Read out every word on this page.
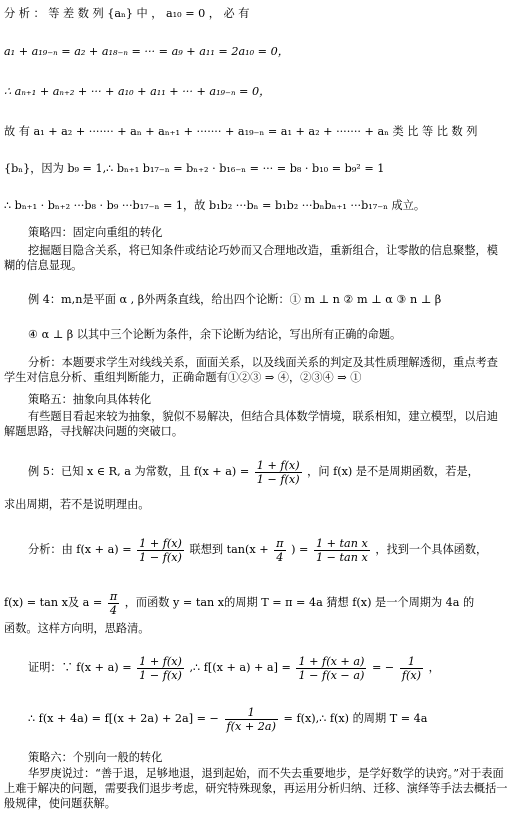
分 析 ： 等 差 数 列 {aₙ} 中 ， a₁₀ = 0 ， 必 有
a₁ + a₁₉₋ₙ = a₂ + a₁₈₋ₙ = ··· = a₉ + a₁₁ = 2a₁₀ = 0，
∴ aₙ₊₁ + aₙ₊₂ + ··· + a₁₀ + a₁₁ + ··· + a₁₉₋ₙ = 0，
故 有 a₁ + a₂ + ······· + aₙ + aₙ₊₁ + ······· + a₁₉₋ₙ = a₁ + a₂ + ······· + aₙ 类 比 等 比 数 列
{bₙ}，因为 b₉ = 1,∴ bₙ₊₁ b₁₇₋ₙ = bₙ₊₂ · b₁₆₋ₙ = ··· = b₈ · b₁₀ = b₉² = 1
∴ bₙ₊₁ · bₙ₊₂ ···b₈ · b₉ ···b₁₇₋ₙ = 1，故 b₁b₂ ···bₙ = b₁b₂ ···bₙbₙ₊₁ ···b₁₇₋ₙ 成立。
策略四：固定向重组的转化
挖掘题目隐含关系，将已知条件或结论巧妙而又合理地改造，重新组合，让零散的信息聚整，模糊的信息显现。
例 4：m,n是平面 α , β外两条直线，给出四个论断：① m ⊥ n ② m ⊥ α ③ n ⊥ β
④ α ⊥ β 以其中三个论断为条件，余下论断为结论，写出所有正确的命题。
分析：本题要求学生对线线关系，面面关系，以及线面关系的判定及其性质理解透彻，重点考查学生对信息分析、重组判断能力，正确命题有①②③ ⇒ ④，②③④ ⇒ ①
策略五：抽象向具体转化
有些题目看起来较为抽象，貌似不易解决，但结合具体数学情境，联系相知，建立模型，以启迪解题思路，寻找解决问题的突破口。
例 5：已知 x ∈ R, a 为常数，且 $f(x + a) = \frac{1 + f(x)}{1 - f(x)}$ ，问 f(x) 是不是周期函数，若是，
求出周期，若不是说明理由。
分析：由 $f(x + a) = \frac{1 + f(x)}{1 - f(x)}$ 联想到 $\tan(x + \frac{\pi}{4}$ ) = $\frac{\text{1 + tan x}}{\text{1 − tan x}}$ ，找到一个具体函数，
f(x) = tan x及 $a = \frac{\pi}{4}$ ，而函数 y = tan x的周期 T = π = 4a 猜想 f(x) 是一个周期为 4a 的
函数。这样方向明，思路清。
证明：∵ $f(x + a) = \frac{1 + f(x)}{1 - f(x)}$ ,∴ $f[(x + a) + a] = \frac{1 + f(x + a)}{1 - f(x - a)}$ = − $\frac{1}{f(x)}$ ，
∴ f(x + 4a) = f[(x + 2a) + 2a] = − $\frac{1}{f(x + 2a)}$ = f(x),∴ f(x) 的周期 T = 4a
策略六：个别向一般的转化
华罗庚说过：“善于退，足够地退，退到起始，而不失去重要地步，是学好数学的诀窍。”对于表面上难于解决的问题，需要我们退步考虑，研究特殊现象，再运用分析归纳、迁移、演绎等手法去概括一般规律，使问题获解。
